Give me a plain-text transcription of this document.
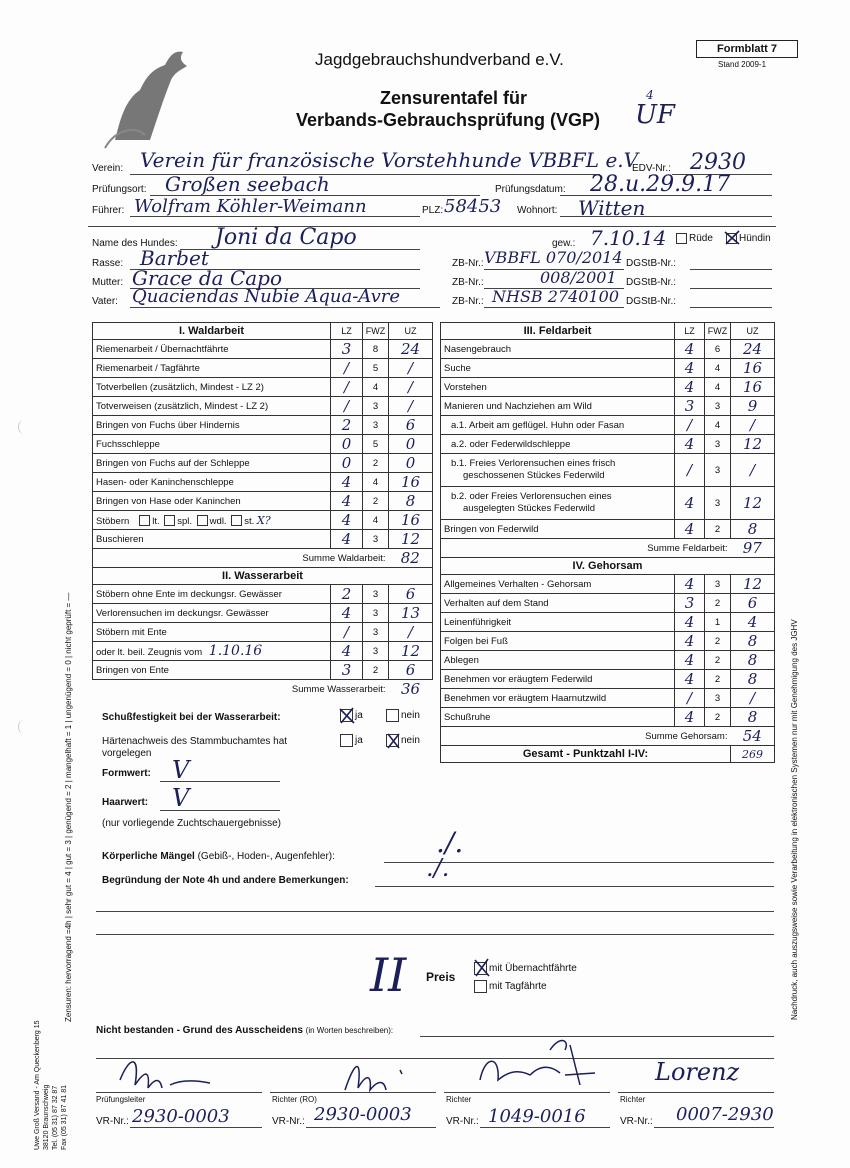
Jagdgebrauchshundverband e.V.
Formblatt 7
Stand 2009-1
Zensurentafel für
Verbands-Gebrauchsprüfung (VGP) UF
4
Verein: Verein für französische Vorstehhunde VBBFL e.V
EDV-Nr.: 2930
Prüfungsort: Großen seebach	Prüfungsdatum: 28.u.29.9.17
Führer: Wolfram Köhler-Weimann	PLZ: 58453 Wohnort: Witten
Name des Hundes: Joni da Capo	gew.: 7.10.14	Rüde	Hündin
Rasse: Barbet
Mutter: Grace da Capo
Vater: Quaciendas Nubie Aqua-Avre
ZB-Nr.: VBBFL 070/2014 DGStB-Nr.:
ZB-Nr.:	008/2001 DGStB-Nr.:
ZB-Nr.: NHSB 2740100 DGStB-Nr.:
I. Waldarbeit	LZ	FWZ	UZ
Riemenarbeit / Übernachtfährte	3	8	24
Riemenarbeit / Tagfährte	/	5	/
Totverbellen (zusätzlich, Mindest - LZ 2)	/	4	/
Totverweisen (zusätzlich, Mindest - LZ 2)	/	3	/
Bringen von Fuchs über Hindernis	2	3	6
Fuchsschleppe	0	5	0
Bringen von Fuchs auf der Schleppe	0	2	0
Hasen- oder Kaninchenschleppe	4	4	16
Bringen von Hase oder Kaninchen	4	2	8
Stöbern lt. spl. wdl. st. X?	4	4	16
Buschieren	4	3	12
Summe Waldarbeit:			82
II. Wasserarbeit			
Stöbern ohne Ente im deckungsr. Gewässer	2	3	6
Verlorensuchen im deckungsr. Gewässer	4	3	13
Stöbern mit Ente	/	3	/
oder lt. beil. Zeugnis vom 1.10.16	4	3	12
Bringen von Ente	3	2	6
Summe Wasserarbeit:			36
III. Feldarbeit	LZ	FWZ	UZ
Nasengebrauch	4	6	24
Suche	4	4	16
Vorstehen	4	4	16
Manieren und Nachziehen am Wild	3	3	9
a.1. Arbeit am geflügel. Huhn oder Fasan	/	4	/
a.2. oder Federwildschleppe	4	3	12
b.1. Freies Verlorensuchen eines frisch
geschossenen Stückes Federwild	/	3	/
b.2. oder Freies Verlorensuchen eines
ausgelegten Stückes Federwild	4	3	12
Bringen von Federwild	4	2	8
Summe Feldarbeit:			97
IV. Gehorsam			
Allgemeines Verhalten - Gehorsam	4	3	12
Verhalten auf dem Stand	3	2	6
Leinenführigkeit	4	1	4
Folgen bei Fuß	4	2	8
Ablegen	4	2	8
Benehmen vor eräugtem Federwild	4	2	8
Benehmen vor eräugtem Haarnutzwild	/	3	/
Schußruhe	4	2	8
Summe Gehorsam:			54
Gesamt - Punktzahl I-IV:			269
Schußfestigkeit bei der Wasserarbeit:	ja	nein
Härtenachweis des Stammbuchamtes hat
vorgelegen
ja	nein
Formwert: V
Haarwert: V
(nur vorliegende Zuchtschauergebnisse)
Körperliche Mängel (Gebiß-, Hoden-, Augenfehler):	./.
Begründung der Note 4h und andere Bemerkungen:	./.
II Preis
mit Übernachtfährte
mit Tagfährte
Nicht bestanden - Grund des Ausscheidens (in Worten beschreiben):
Lorenz
Prüfungsleiter	Richter (RO)	Richter	Richter
VR-Nr.: 2930-0003	VR-Nr.: 2930-0003	VR-Nr.: 1049-0016	VR-Nr.: 0007-2930
Zensuren: hervorragend =4h | sehr gut = 4 | gut = 3 | genügend = 2 | mangelhaft = 1 | ungenügend = 0 | nicht geprüft = —	Nachdruck, auch auszugsweise sowie Verarbeitung in elektronischen Systemen nur mit Genehmigung des JGHV
Uwe Groß Versand - Am Queckenberg 15 38120 Braunschweig Tel. (05 31) 87 32 87 Fax (05 31) 87 41 81
